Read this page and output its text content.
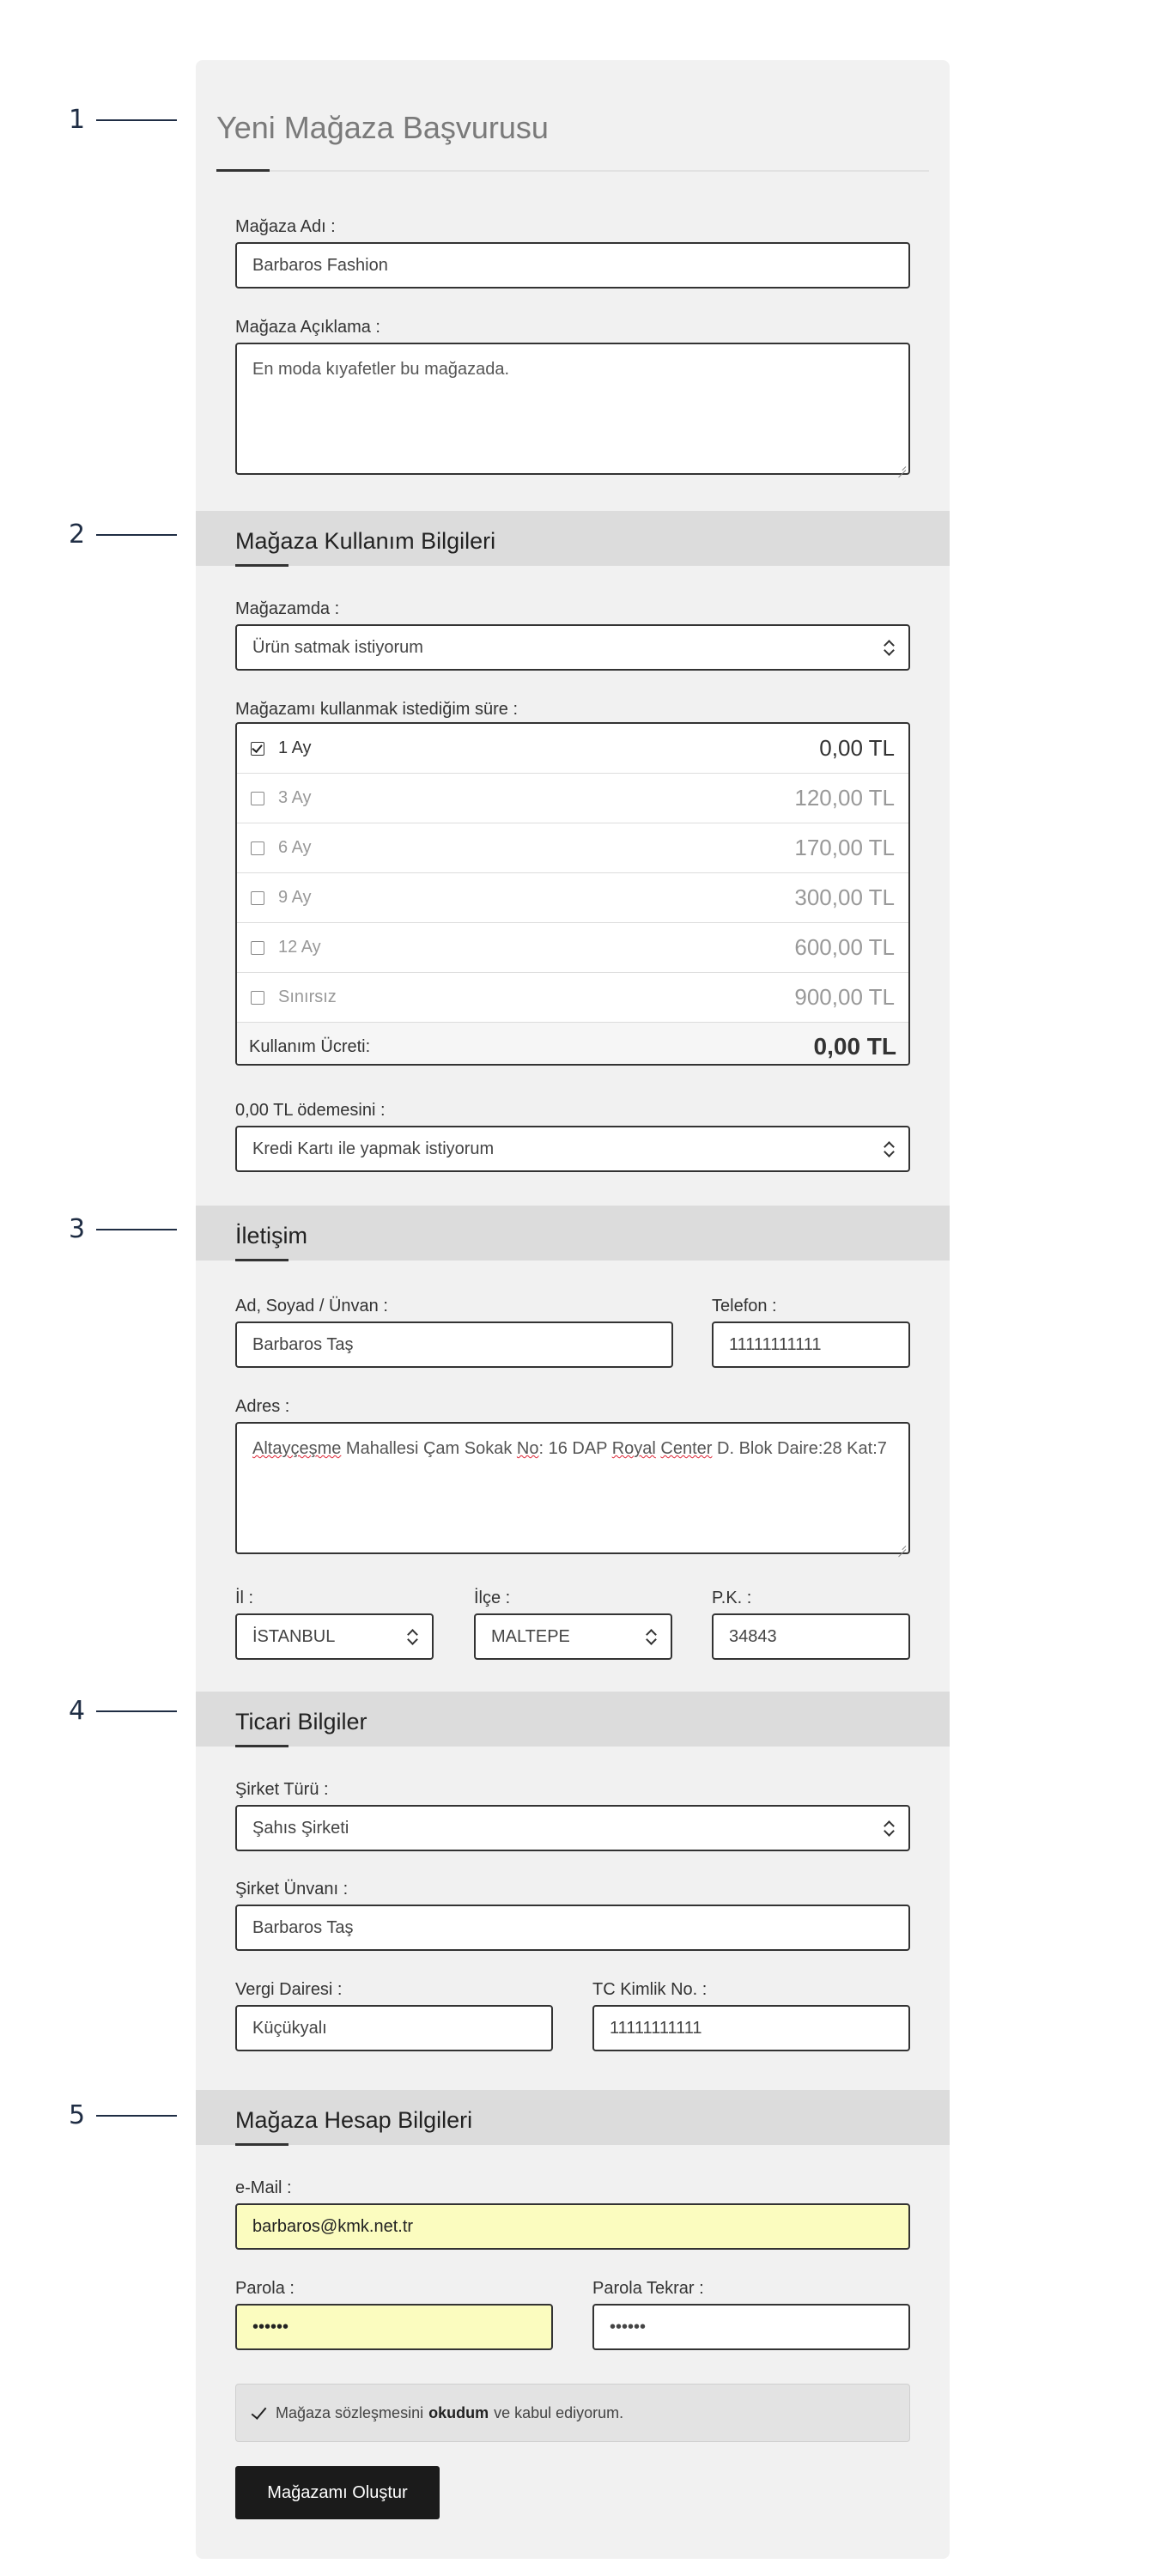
1
2
3
4
5
Yeni Mağaza Başvurusu
Mağaza Adı :
Barbaros Fashion
Mağaza Açıklama :
En moda kıyafetler bu mağazada.
Mağaza Kullanım Bilgileri
Mağazamda :
Ürün satmak istiyorum
Mağazamı kullanmak istediğim süre :
1 Ay	0,00 TL
3 Ay	120,00 TL
6 Ay	170,00 TL
9 Ay	300,00 TL
12 Ay	600,00 TL
Sınırsız	900,00 TL
Kullanım Ücreti:	0,00 TL
0,00 TL ödemesini :
Kredi Kartı ile yapmak istiyorum
İletişim
Ad, Soyad / Ünvan :
Barbaros Taş
Telefon :
11111111111
Adres :
Altayçeşme Mahallesi Çam Sokak No: 16 DAP Royal Center D. Blok Daire:28 Kat:7
İl :
İSTANBUL
İlçe :
MALTEPE
P.K. :
34843
Ticari Bilgiler
Şirket Türü :
Şahıs Şirketi
Şirket Ünvanı :
Barbaros Taş
Vergi Dairesi :
Küçükyalı
TC Kimlik No. :
11111111111
Mağaza Hesap Bilgileri
e-Mail :
barbaros@kmk.net.tr
Parola :
••••••
Parola Tekrar :
••••••
Mağaza sözleşmesini okudum ve kabul ediyorum.
Mağazamı Oluştur
